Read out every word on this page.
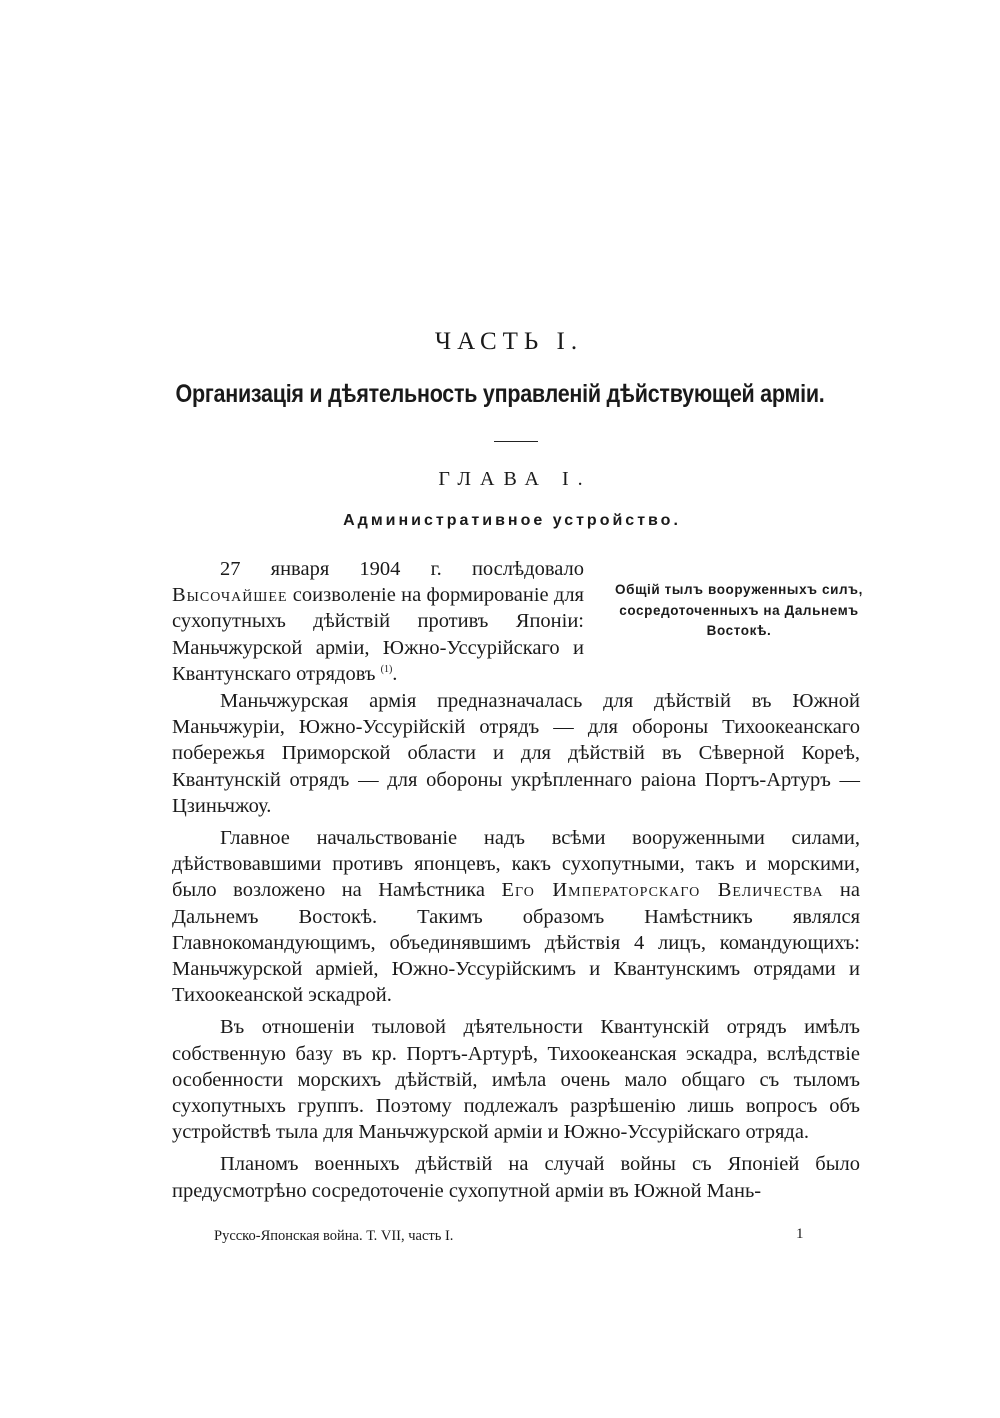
ЧАСТЬ I.
Организація и дѣятельность управленій дѣйствующей арміи.
ГЛАВА I.
Административное устройство.

27 января 1904 г. послѣдовало Высочайшее соизволеніе на формированіе для сухопутныхъ дѣйствій противъ Японіи: Маньчжурской арміи, Южно-Уссурійскаго и Квантунскаго отрядовъ $^{(1)}$.

Общій тылъ вооруженныхъ силъ, сосредоточенныхъ на Дальнемъ Востокѣ.

Маньчжурская армія предназначалась для дѣйствій въ Южной Маньчжуріи, Южно-Уссурійскій отрядъ — для обороны Тихоокеанскаго побережья Приморской области и для дѣйствій въ Сѣверной Кореѣ, Квантунскій отрядъ — для обороны укрѣпленнаго раіона Портъ-Артуръ — Цзиньчжоу.

Главное начальствованіе надъ всѣми вооруженными силами, дѣйствовавшими противъ японцевъ, какъ сухопутными, такъ и морскими, было возложено на Намѣстника Его Императорскаго Величества на Дальнемъ Востокѣ. Такимъ образомъ Намѣстникъ являлся Главнокомандующимъ, объединявшимъ дѣйствія 4 лицъ, командующихъ: Маньчжурской арміей, Южно-Уссурійскимъ и Квантунскимъ отрядами и Тихоокеанской эскадрой.

Въ отношеніи тыловой дѣятельности Квантунскій отрядъ имѣлъ собственную базу въ кр. Портъ-Артурѣ, Тихоокеанская эскадра, вслѣдствіе особенности морскихъ дѣйствій, имѣла очень мало общаго съ тыломъ сухопутныхъ группъ. Поэтому подлежалъ разрѣшенію лишь вопросъ объ устройствѣ тыла для Маньчжурской арміи и Южно-Уссурійскаго отряда.

Планомъ военныхъ дѣйствій на случай войны съ Японіей было предусмотрѣно сосредоточеніе сухопутной арміи въ Южной Мань-

Русско-Японская война. Т. VII, часть I.	1
